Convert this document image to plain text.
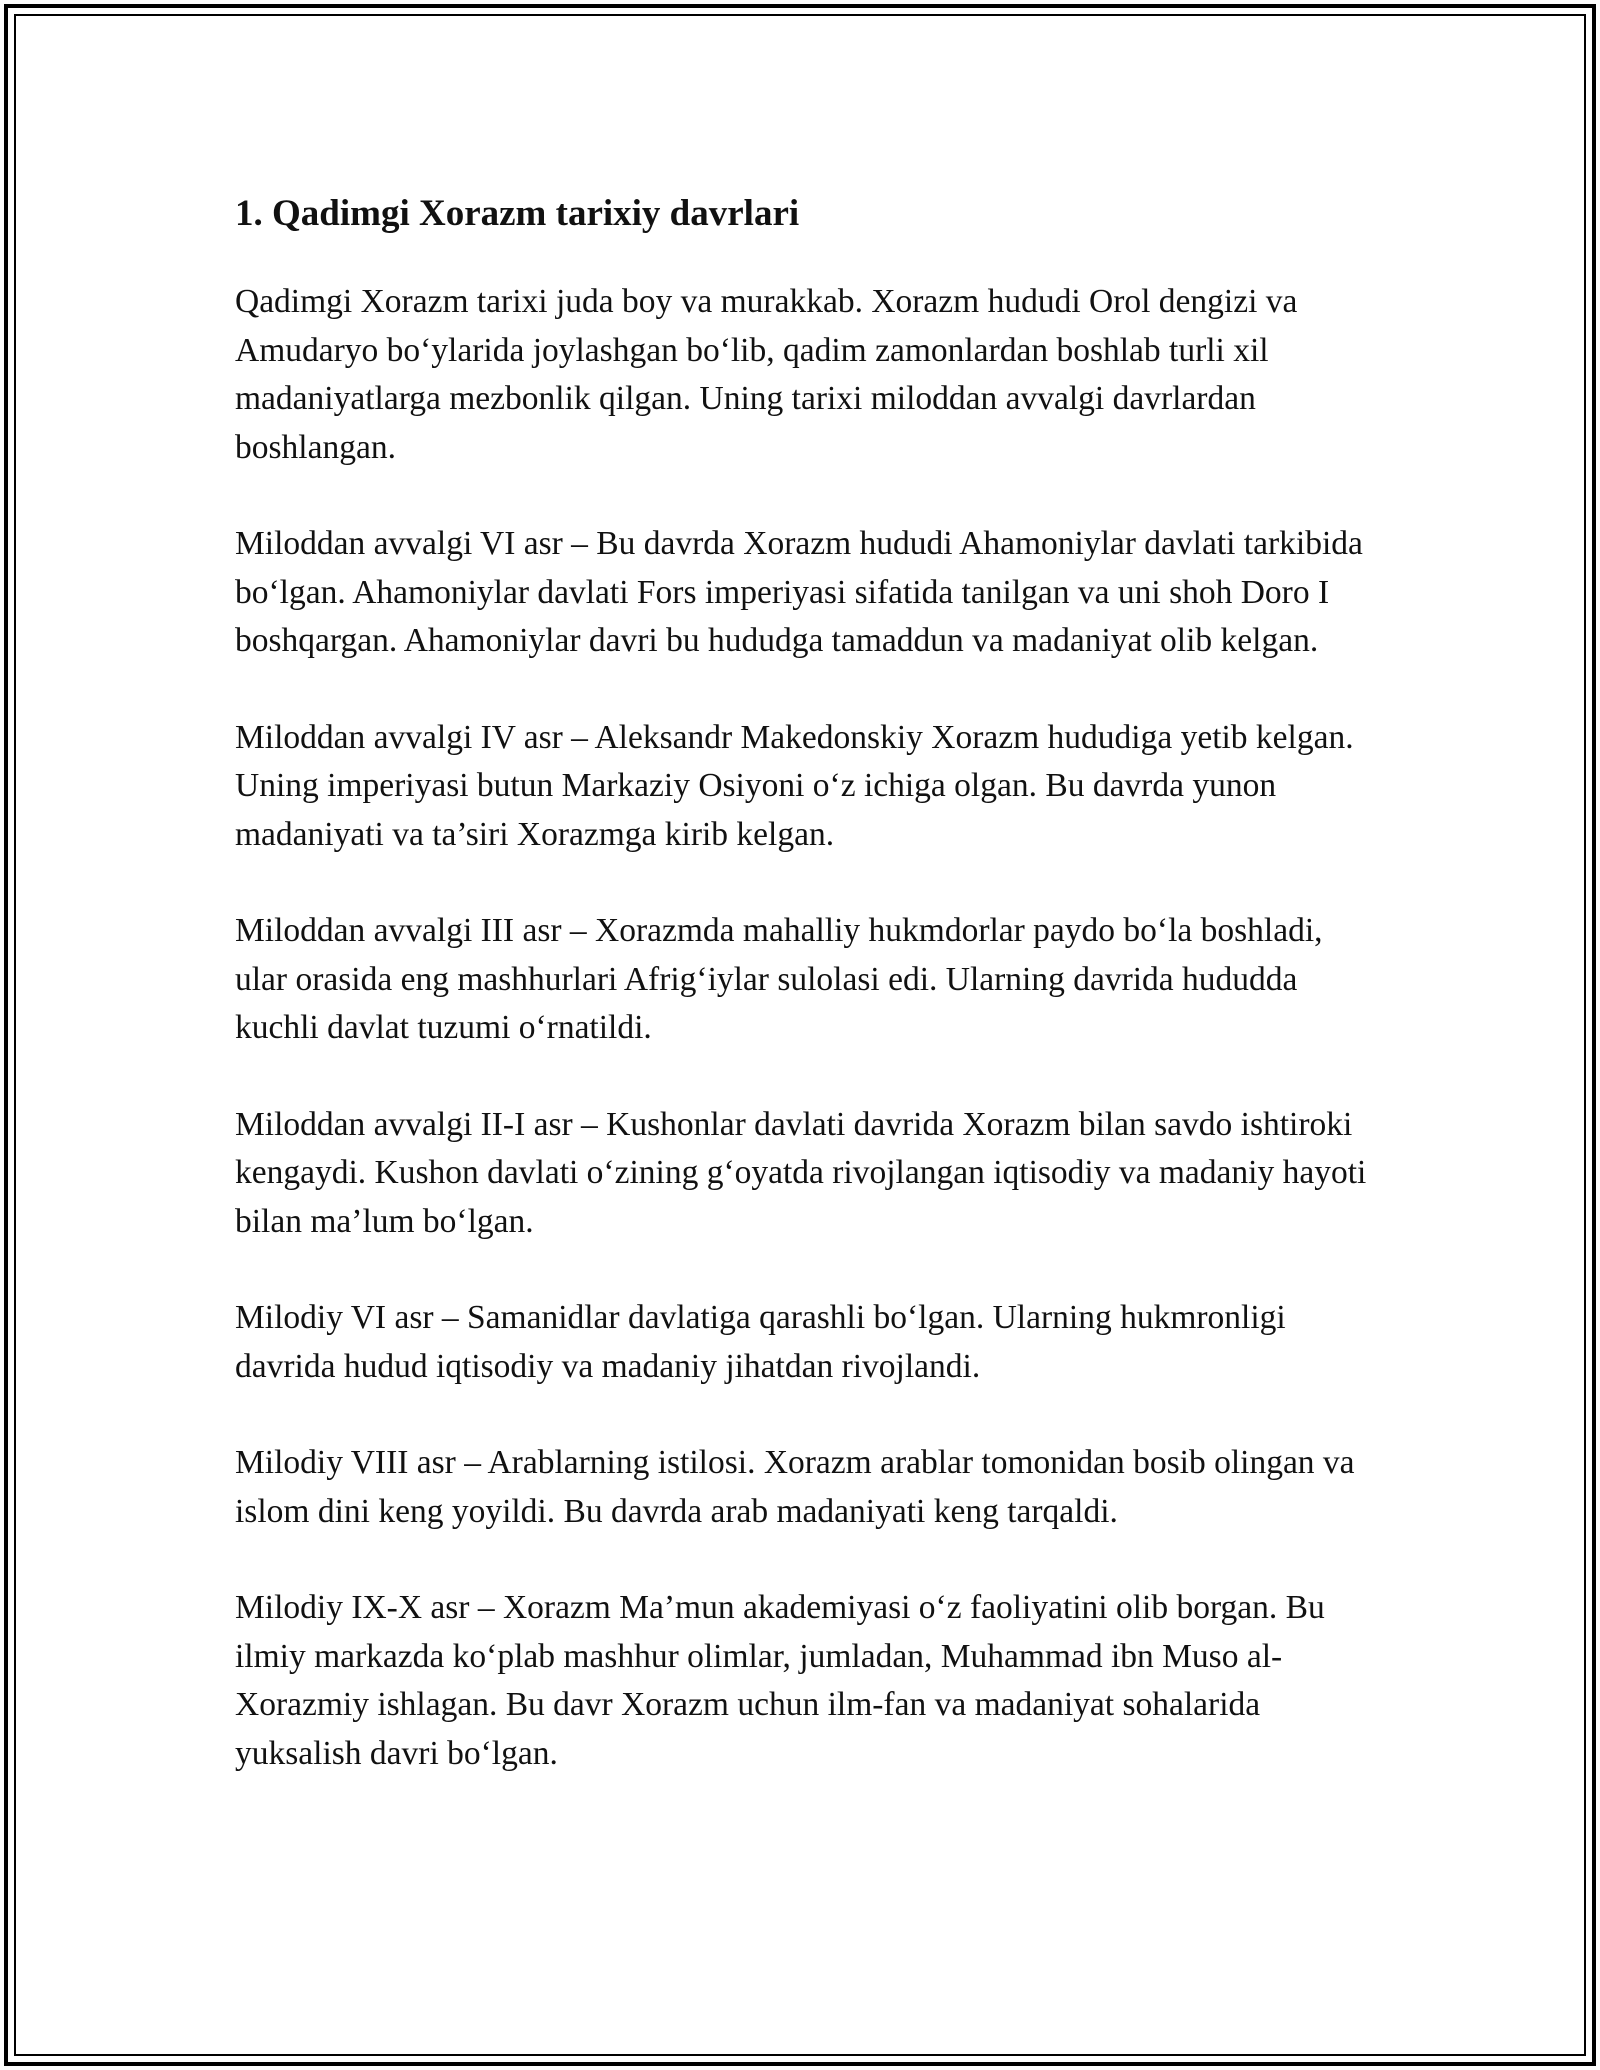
1. Qadimgi Xorazm tarixiy davrlari

Qadimgi Xorazm tarixi juda boy va murakkab. Xorazm hududi Orol dengizi va Amudaryo bo‘ylarida joylashgan bo‘lib, qadim zamonlardan boshlab turli xil madaniyatlarga mezbonlik qilgan. Uning tarixi miloddan avvalgi davrlardan boshlangan.

Miloddan avvalgi VI asr – Bu davrda Xorazm hududi Ahamoniylar davlati tarkibida bo‘lgan. Ahamoniylar davlati Fors imperiyasi sifatida tanilgan va uni shoh Doro I boshqargan. Ahamoniylar davri bu hududga tamaddun va madaniyat olib kelgan.

Miloddan avvalgi IV asr – Aleksandr Makedonskiy Xorazm hududiga yetib kelgan. Uning imperiyasi butun Markaziy Osiyoni o‘z ichiga olgan. Bu davrda yunon madaniyati va ta’siri Xorazmga kirib kelgan.

Miloddan avvalgi III asr – Xorazmda mahalliy hukmdorlar paydo bo‘la boshladi, ular orasida eng mashhurlari Afrig‘iylar sulolasi edi. Ularning davrida hududda kuchli davlat tuzumi o‘rnatildi.

Miloddan avvalgi II-I asr – Kushonlar davlati davrida Xorazm bilan savdo ishtiroki kengaydi. Kushon davlati o‘zining g‘oyatda rivojlangan iqtisodiy va madaniy hayoti bilan ma’lum bo‘lgan.

Milodiy VI asr – Samanidlar davlatiga qarashli bo‘lgan. Ularning hukmronligi davrida hudud iqtisodiy va madaniy jihatdan rivojlandi.

Milodiy VIII asr – Arablarning istilosi. Xorazm arablar tomonidan bosib olingan va islom dini keng yoyildi. Bu davrda arab madaniyati keng tarqaldi.

Milodiy IX-X asr – Xorazm Ma’mun akademiyasi o‘z faoliyatini olib borgan. Bu ilmiy markazda ko‘plab mashhur olimlar, jumladan, Muhammad ibn Muso al-Xorazmiy ishlagan. Bu davr Xorazm uchun ilm-fan va madaniyat sohalarida yuksalish davri bo‘lgan.
